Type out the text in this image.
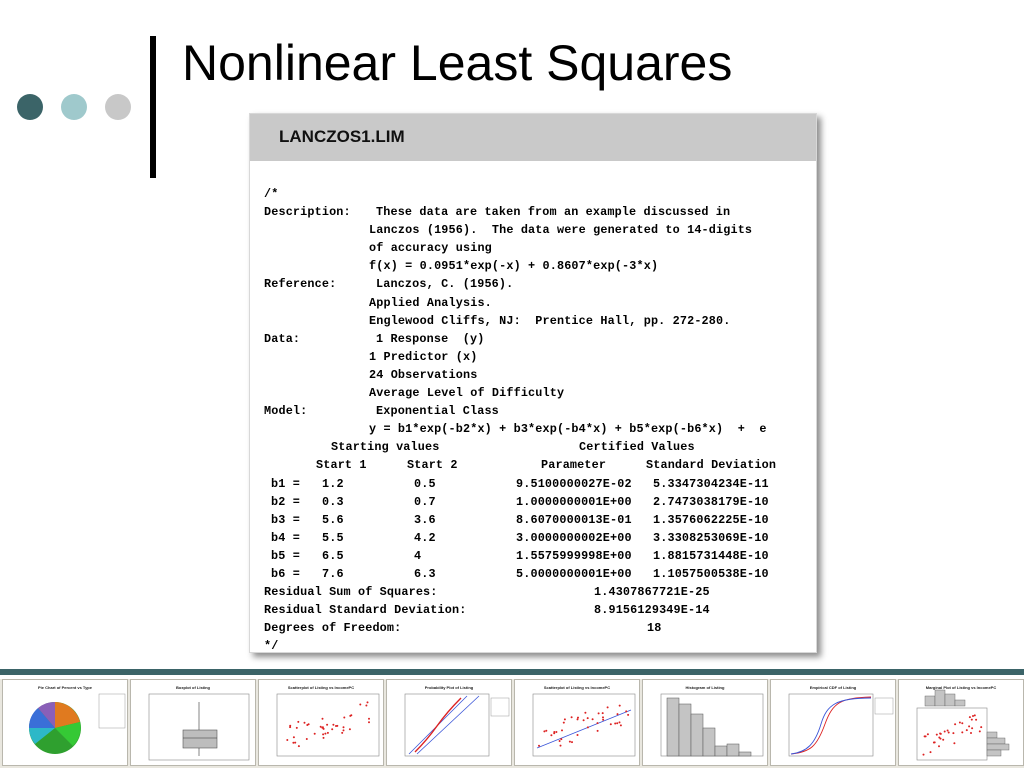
Nonlinear Least Squares
LANCZOS1.LIM
/*
Description: These data are taken from an example discussed in
Lanczos (1956).  The data were generated to 14-digits
of accuracy using
f(x) = 0.0951*exp(-x) + 0.8607*exp(-3*x)
Reference:	Lanczos, C. (1956).
Applied Analysis.
Englewood Cliffs, NJ:  Prentice Hall, pp. 272-280.
Data:	1 Response  (y)
1 Predictor (x)
24 Observations
Average Level of Difficulty
Model:	Exponential Class
y = b1*exp(-b2*x) + b3*exp(-b4*x) + b5*exp(-b6*x)  +  e
Starting values	Certified Values
Start 1	Start 2	Parameter	Standard Deviation
b1 = 1.2	0.5	9.5100000027E-02 5.3347304234E-11
b2 = 0.3	0.7	1.0000000001E+00 2.7473038179E-10
b3 = 5.6	3.6	8.6070000013E-01 1.3576062225E-10
b4 = 5.5	4.2	3.0000000002E+00 3.3308253069E-10
b5 = 6.5	4	1.5575999998E+00 1.8815731448E-10
b6 = 7.6	6.3	5.0000000001E+00 1.1057500538E-10
Residual Sum of Squares:	1.4307867721E-25
Residual Standard Deviation:	8.9156129349E-14
Degrees of Freedom:	18
*/
Pie Chart of Percent vs Type	Boxplot of Listing	Scatterplot of Listing vs IncomePC	Probability Plot of Listing	Scatterplot of Listing vs IncomePC	Histogram of Listing	Empirical CDF of Listing	Marginal Plot of Listing vs IncomePC
